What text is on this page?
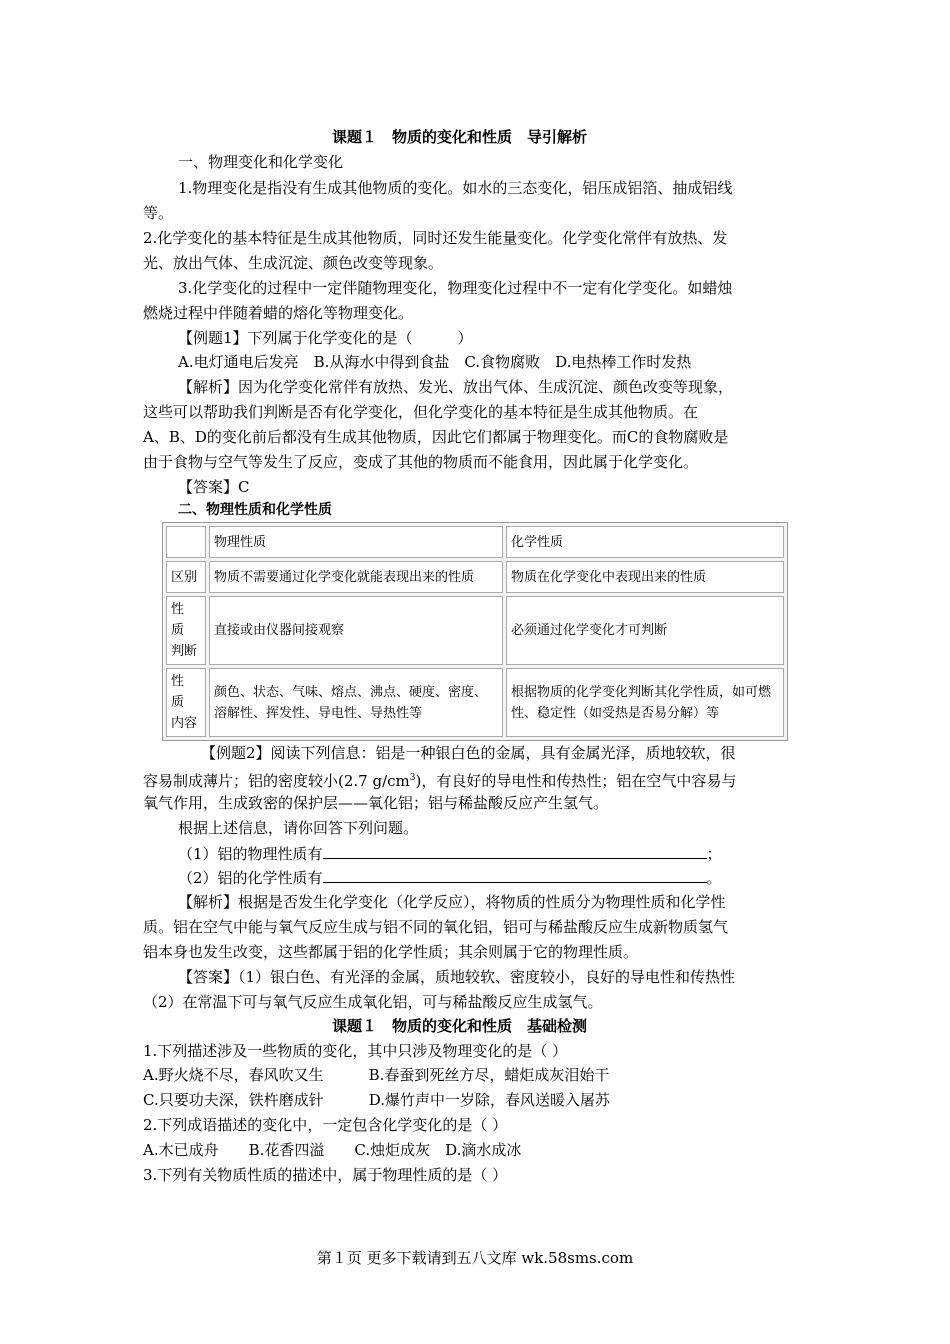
课题１　物质的变化和性质　导引解析
一、物理变化和化学变化
1.物理变化是指没有生成其他物质的变化。如水的三态变化，铝压成铝箔、抽成铝线
等。
2.化学变化的基本特征是生成其他物质，同时还发生能量变化。化学变化常伴有放热、发
光、放出气体、生成沉淀、颜色改变等现象。
3.化学变化的过程中一定伴随物理变化，物理变化过程中不一定有化学变化。如蜡烛
燃烧过程中伴随着蜡的熔化等物理变化。
【例题1】下列属于化学变化的是（　　　）
A.电灯通电后发亮　B.从海水中得到食盐　C.食物腐败　D.电热棒工作时发热
【解析】因为化学变化常伴有放热、发光、放出气体、生成沉淀、颜色改变等现象，
这些可以帮助我们判断是否有化学变化，但化学变化的基本特征是生成其他物质。在
A、B、D的变化前后都没有生成其他物质，因此它们都属于物理变化。而C的食物腐败是
由于食物与空气等发生了反应，变成了其他的物质而不能食用，因此属于化学变化。
【答案】C
二、物理性质和化学性质
	物理性质	化学性质
区别	物质不需要通过化学变化就能表现出来的性质	物质在化学变化中表现出来的性质

性　质
判断	直接或由仪器间接观察	必须通过化学变化才可判断

性　质
内容	颜色、状态、气味、熔点、沸点、硬度、密度、溶解性、挥发性、导电性、导热性等	根据物质的化学变化判断其化学性质，如可燃性、稳定性（如受热是否易分解）等
【例题2】阅读下列信息：铝是一种银白色的金属，具有金属光泽，质地较软，很
容易制成薄片；铝的密度较小(2.7 $g/cm^3$)，有良好的导电性和传热性；铝在空气中容易与
氧气作用，生成致密的保护层——氧化铝；铝与稀盐酸反应产生氢气。
根据上述信息，请你回答下列问题。
（1）铝的物理性质有	；
（2）铝的化学性质有	。
【解析】根据是否发生化学变化（化学反应），将物质的性质分为物理性质和化学性
质。铝在空气中能与氧气反应生成与铝不同的氧化铝，铝可与稀盐酸反应生成新物质氢气
铝本身也发生改变，这些都属于铝的化学性质；其余则属于它的物理性质。
【答案】（1）银白色、有光泽的金属，质地较软、密度较小，良好的导电性和传热性
（2）在常温下可与氧气反应生成氧化铝，可与稀盐酸反应生成氢气。
课题１　物质的变化和性质　基础检测
1.下列描述涉及一些物质的变化，其中只涉及物理变化的是（ ）
A.野火烧不尽，春风吹又生　　　B.春蚕到死丝方尽，蜡炬成灰泪始干
C.只要功夫深，铁杵磨成针　　　D.爆竹声中一岁除，春风送暖入屠苏
2.下列成语描述的变化中，一定包含化学变化的是（ ）
A.木已成舟　　B.花香四溢　　C.烛炬成灰　D.滴水成冰
3.下列有关物质性质的描述中，属于物理性质的是（ ）
第１页 更多下载请到五八文库 wk.58sms.com
